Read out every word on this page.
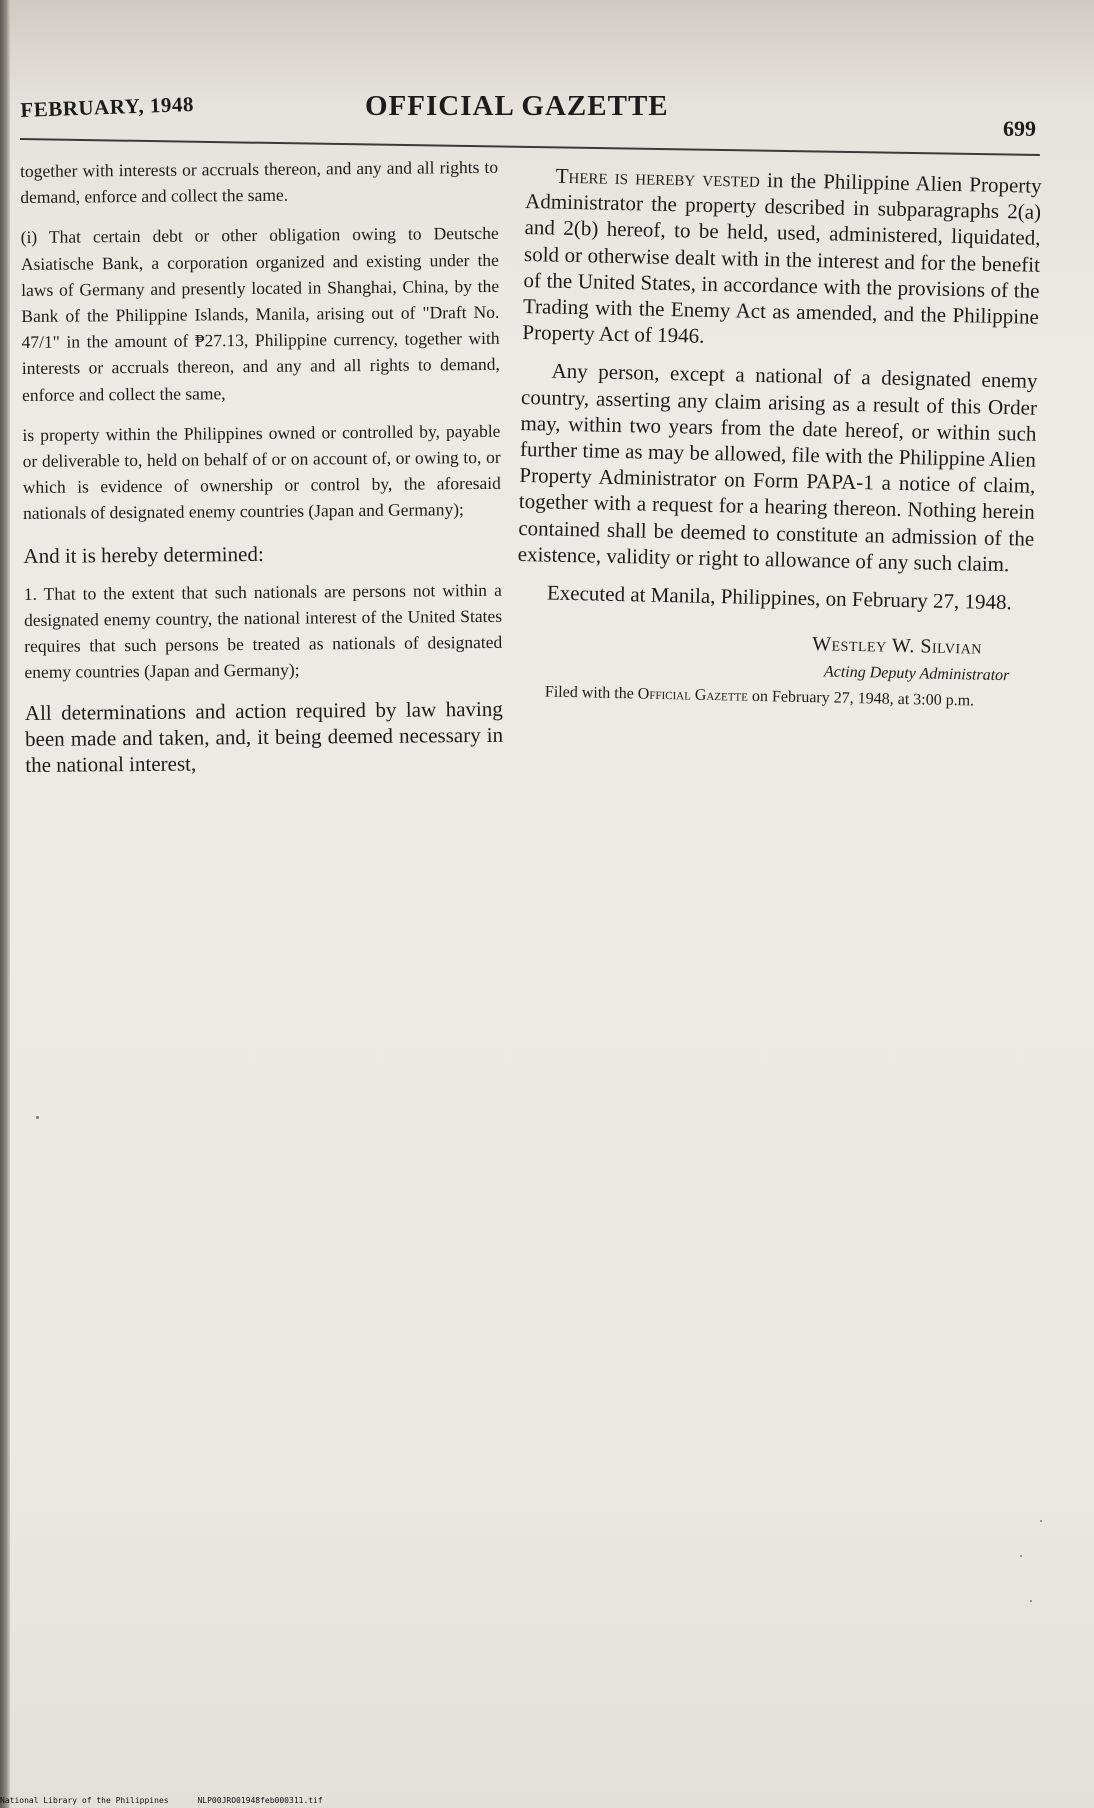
FEBRUARY, 1948	OFFICIAL GAZETTE
699

together with interests or accruals thereon, and any and all rights to demand, enforce and collect the same.

(i) That certain debt or other obligation owing to Deutsche Asiatische Bank, a corporation organized and existing under the laws of Germany and presently located in Shanghai, China, by the Bank of the Philippine Islands, Manila, arising out of "Draft No. 47/1" in the amount of ₱27.13, Philippine currency, together with interests or accruals thereon, and any and all rights to demand, enforce and collect the same,

is property within the Philippines owned or controlled by, payable or deliverable to, held on behalf of or on account of, or owing to, or which is evidence of ownership or control by, the aforesaid nationals of designated enemy countries (Japan and Germany);

And it is hereby determined:

1. That to the extent that such nationals are persons not within a designated enemy country, the national interest of the United States requires that such persons be treated as nationals of designated enemy countries (Japan and Germany);

All determinations and action required by law having been made and taken, and, it being deemed necessary in the national interest,

There is hereby vested in the Philippine Alien Property Administrator the property described in subparagraphs 2(a) and 2(b) hereof, to be held, used, administered, liquidated, sold or otherwise dealt with in the interest and for the benefit of the United States, in accordance with the provisions of the Trading with the Enemy Act as amended, and the Philippine Property Act of 1946.

Any person, except a national of a designated enemy country, asserting any claim arising as a result of this Order may, within two years from the date hereof, or within such further time as may be allowed, file with the Philippine Alien Property Administrator on Form PAPA-1 a notice of claim, together with a request for a hearing thereon. Nothing herein contained shall be deemed to constitute an admission of the existence, validity or right to allowance of any such claim.

Executed at Manila, Philippines, on February 27, 1948.

Westley W. Silvian
Acting Deputy Administrator

Filed with the Official Gazette on February 27, 1948, at 3:00 p.m.

National Library of the Philippines	NLP00JRO01948feb000311.tif
